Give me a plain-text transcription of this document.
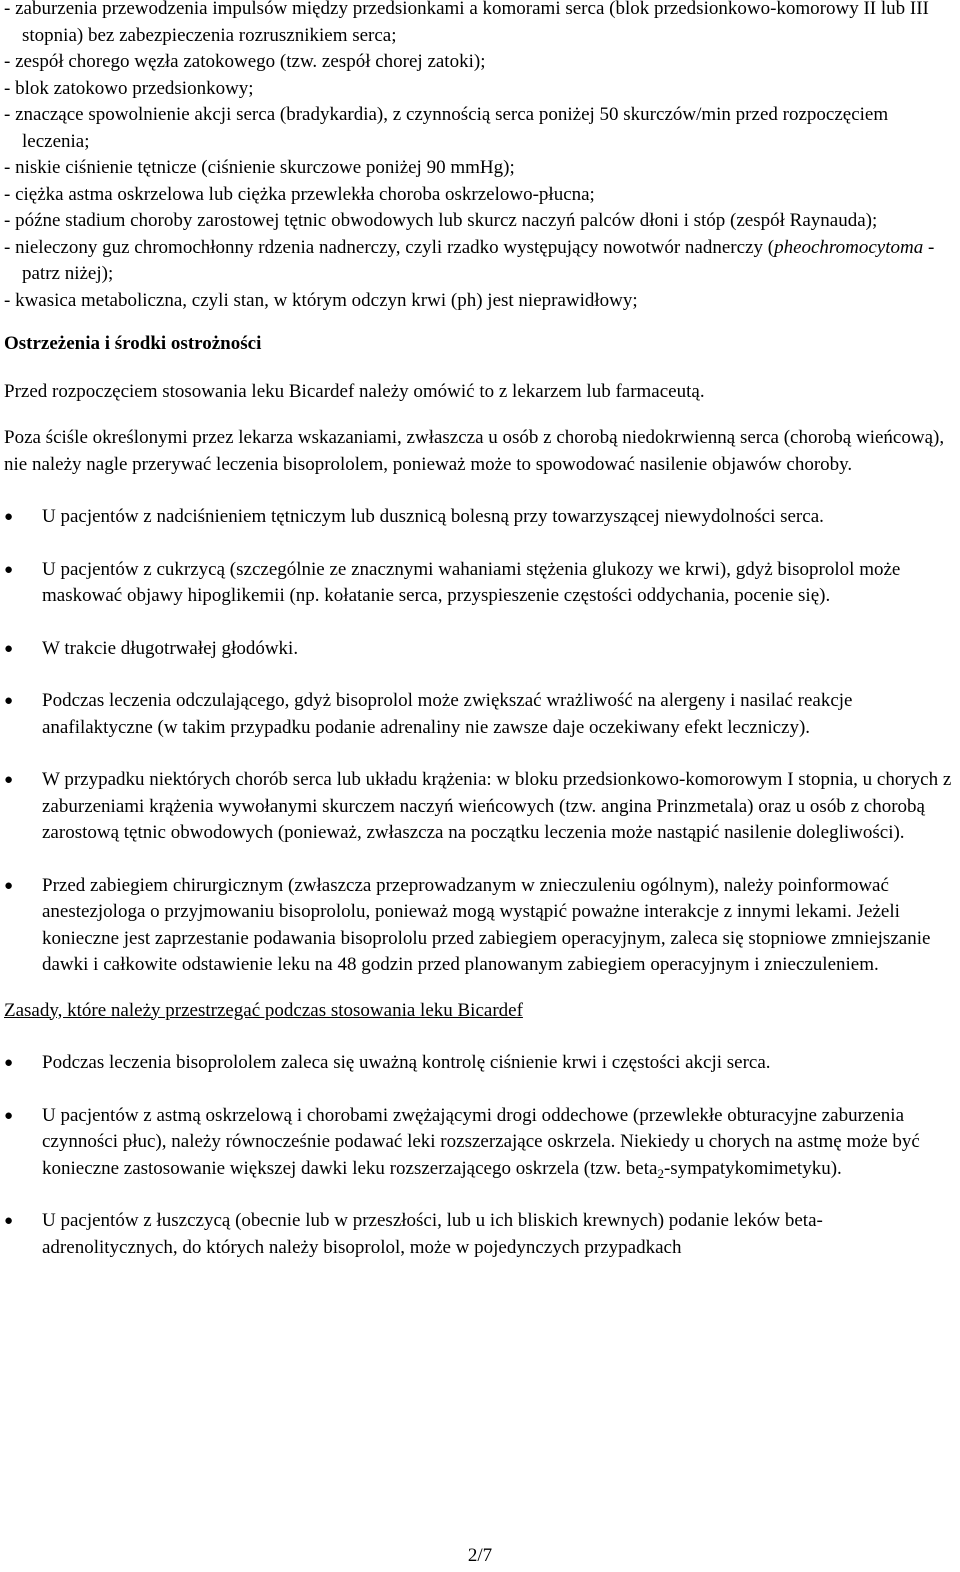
- zaburzenia przewodzenia impulsów między przedsionkami a komorami serca (blok przedsionkowo-komorowy II lub III stopnia) bez zabezpieczenia rozrusznikiem serca;

- zespół chorego węzła zatokowego (tzw. zespół chorej zatoki);

- blok zatokowo przedsionkowy;

- znaczące spowolnienie akcji serca (bradykardia), z czynnością serca poniżej 50 skurczów/min przed rozpoczęciem leczenia;

- niskie ciśnienie tętnicze (ciśnienie skurczowe poniżej 90 mmHg);

- ciężka astma oskrzelowa lub ciężka przewlekła choroba oskrzelowo-płucna;

- późne stadium choroby zarostowej tętnic obwodowych lub skurcz naczyń palców dłoni i stóp (zespół Raynauda);

- nieleczony guz chromochłonny rdzenia nadnerczy, czyli rzadko występujący nowotwór nadnerczy (pheochromocytoma - patrz niżej);

- kwasica metaboliczna, czyli stan, w którym odczyn krwi (ph) jest nieprawidłowy;

Ostrzeżenia i środki ostrożności

Przed rozpoczęciem stosowania leku Bicardef należy omówić to z lekarzem lub farmaceutą.

Poza ściśle określonymi przez lekarza wskazaniami, zwłaszcza u osób z chorobą niedokrwienną serca (chorobą wieńcową), nie należy nagle przerywać leczenia bisoprololem, ponieważ może to spowodować nasilenie objawów choroby.

● U pacjentów z nadciśnieniem tętniczym lub dusznicą bolesną przy towarzyszącej niewydolności serca.
● U pacjentów z cukrzycą (szczególnie ze znacznymi wahaniami stężenia glukozy we krwi), gdyż bisoprolol może maskować objawy hipoglikemii (np. kołatanie serca, przyspieszenie częstości oddychania, pocenie się).
● W trakcie długotrwałej głodówki.
● Podczas leczenia odczulającego, gdyż bisoprolol może zwiększać wrażliwość na alergeny i nasilać reakcje anafilaktyczne (w takim przypadku podanie adrenaliny nie zawsze daje oczekiwany efekt leczniczy).
● W przypadku niektórych chorób serca lub układu krążenia: w bloku przedsionkowo-komorowym I stopnia, u chorych z zaburzeniami krążenia wywołanymi skurczem naczyń wieńcowych (tzw. angina Prinzmetala) oraz u osób z chorobą zarostową tętnic obwodowych (ponieważ, zwłaszcza na początku leczenia może nastąpić nasilenie dolegliwości).
● Przed zabiegiem chirurgicznym (zwłaszcza przeprowadzanym w znieczuleniu ogólnym), należy poinformować anestezjologa o przyjmowaniu bisoprololu, ponieważ mogą wystąpić poważne interakcje z innymi lekami. Jeżeli konieczne jest zaprzestanie podawania bisoprololu przed zabiegiem operacyjnym, zaleca się stopniowe zmniejszanie dawki i całkowite odstawienie leku na 48 godzin przed planowanym zabiegiem operacyjnym i znieczuleniem.

Zasady, które należy przestrzegać podczas stosowania leku Bicardef

● Podczas leczenia bisoprololem zaleca się uważną kontrolę ciśnienie krwi i częstości akcji serca.
● U pacjentów z astmą oskrzelową i chorobami zwężającymi drogi oddechowe (przewlekłe obturacyjne zaburzenia czynności płuc), należy równocześnie podawać leki rozszerzające oskrzela. Niekiedy u chorych na astmę może być konieczne zastosowanie większej dawki leku rozszerzającego oskrzela (tzw. beta$_2$-sympatykomimetyku).
● U pacjentów z łuszczycą (obecnie lub w przeszłości, lub u ich bliskich krewnych) podanie leków beta-adrenolitycznych, do których należy bisoprolol, może w pojedynczych przypadkach
2/7
